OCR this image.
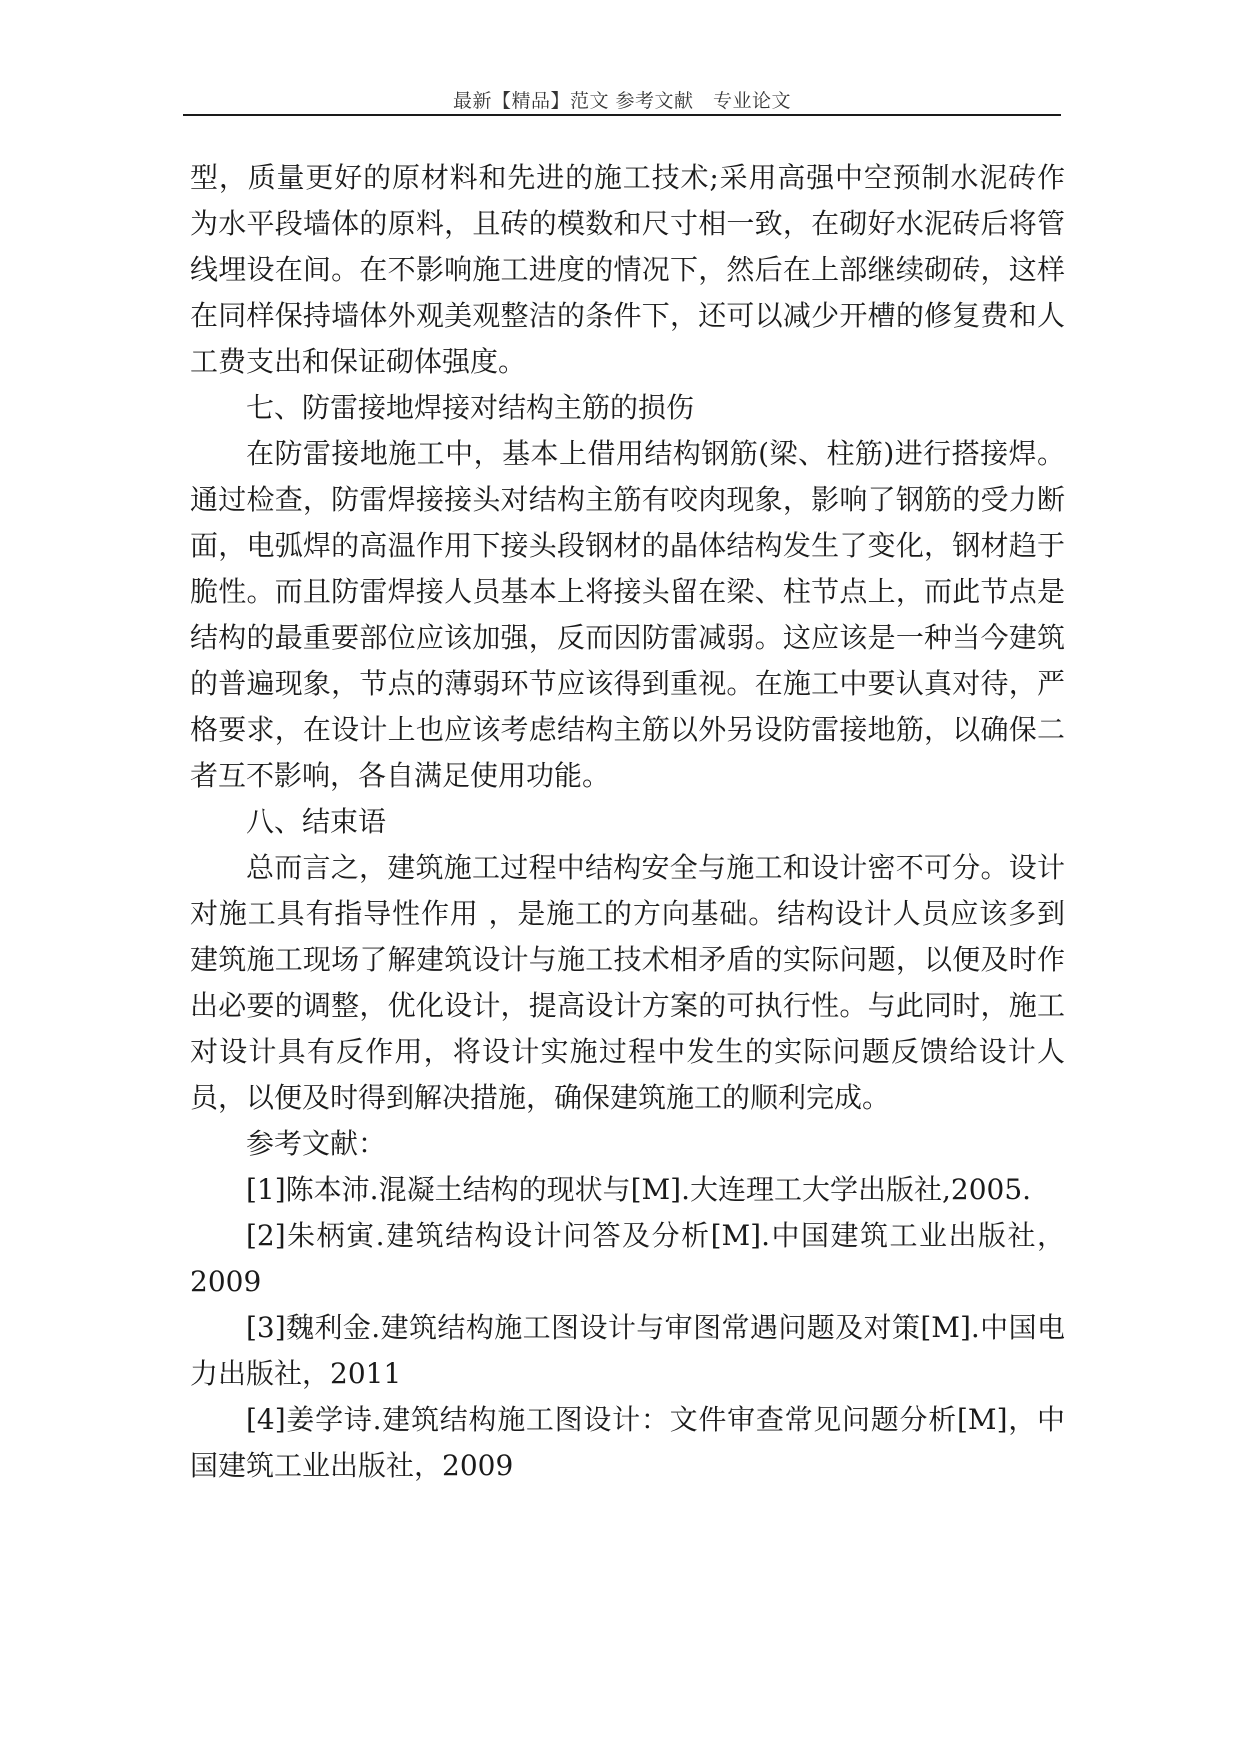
最新【精品】范文 参考文献　专业论文

型，质量更好的原材料和先进的施工技术;采用高强中空预制水泥砖作为水平段墙体的原料，且砖的模数和尺寸相一致，在砌好水泥砖后将管线埋设在间。在不影响施工进度的情况下，然后在上部继续砌砖，这样在同样保持墙体外观美观整洁的条件下，还可以减少开槽的修复费和人工费支出和保证砌体强度。

七、防雷接地焊接对结构主筋的损伤

在防雷接地施工中，基本上借用结构钢筋(梁、柱筋)进行搭接焊。通过检查，防雷焊接接头对结构主筋有咬肉现象，影响了钢筋的受力断面，电弧焊的高温作用下接头段钢材的晶体结构发生了变化，钢材趋于脆性。而且防雷焊接人员基本上将接头留在梁、柱节点上，而此节点是结构的最重要部位应该加强，反而因防雷减弱。这应该是一种当今建筑的普遍现象，节点的薄弱环节应该得到重视。在施工中要认真对待，严格要求，在设计上也应该考虑结构主筋以外另设防雷接地筋，以确保二者互不影响，各自满足使用功能。

八、结束语

总而言之，建筑施工过程中结构安全与施工和设计密不可分。设计对施工具有指导性作用 ，是施工的方向基础。结构设计人员应该多到建筑施工现场了解建筑设计与施工技术相矛盾的实际问题，以便及时作出必要的调整，优化设计，提高设计方案的可执行性。与此同时，施工对设计具有反作用，将设计实施过程中发生的实际问题反馈给设计人员，以便及时得到解决措施，确保建筑施工的顺利完成。

参考文献：

[1]陈本沛.混凝土结构的现状与[M].大连理工大学出版社,2005.

[2]朱柄寅.建筑结构设计问答及分析[M].中国建筑工业出版社，2009

[3]魏利金.建筑结构施工图设计与审图常遇问题及对策[M].中国电力出版社，2011

[4]姜学诗.建筑结构施工图设计：文件审查常见问题分析[M]，中国建筑工业出版社，2009
